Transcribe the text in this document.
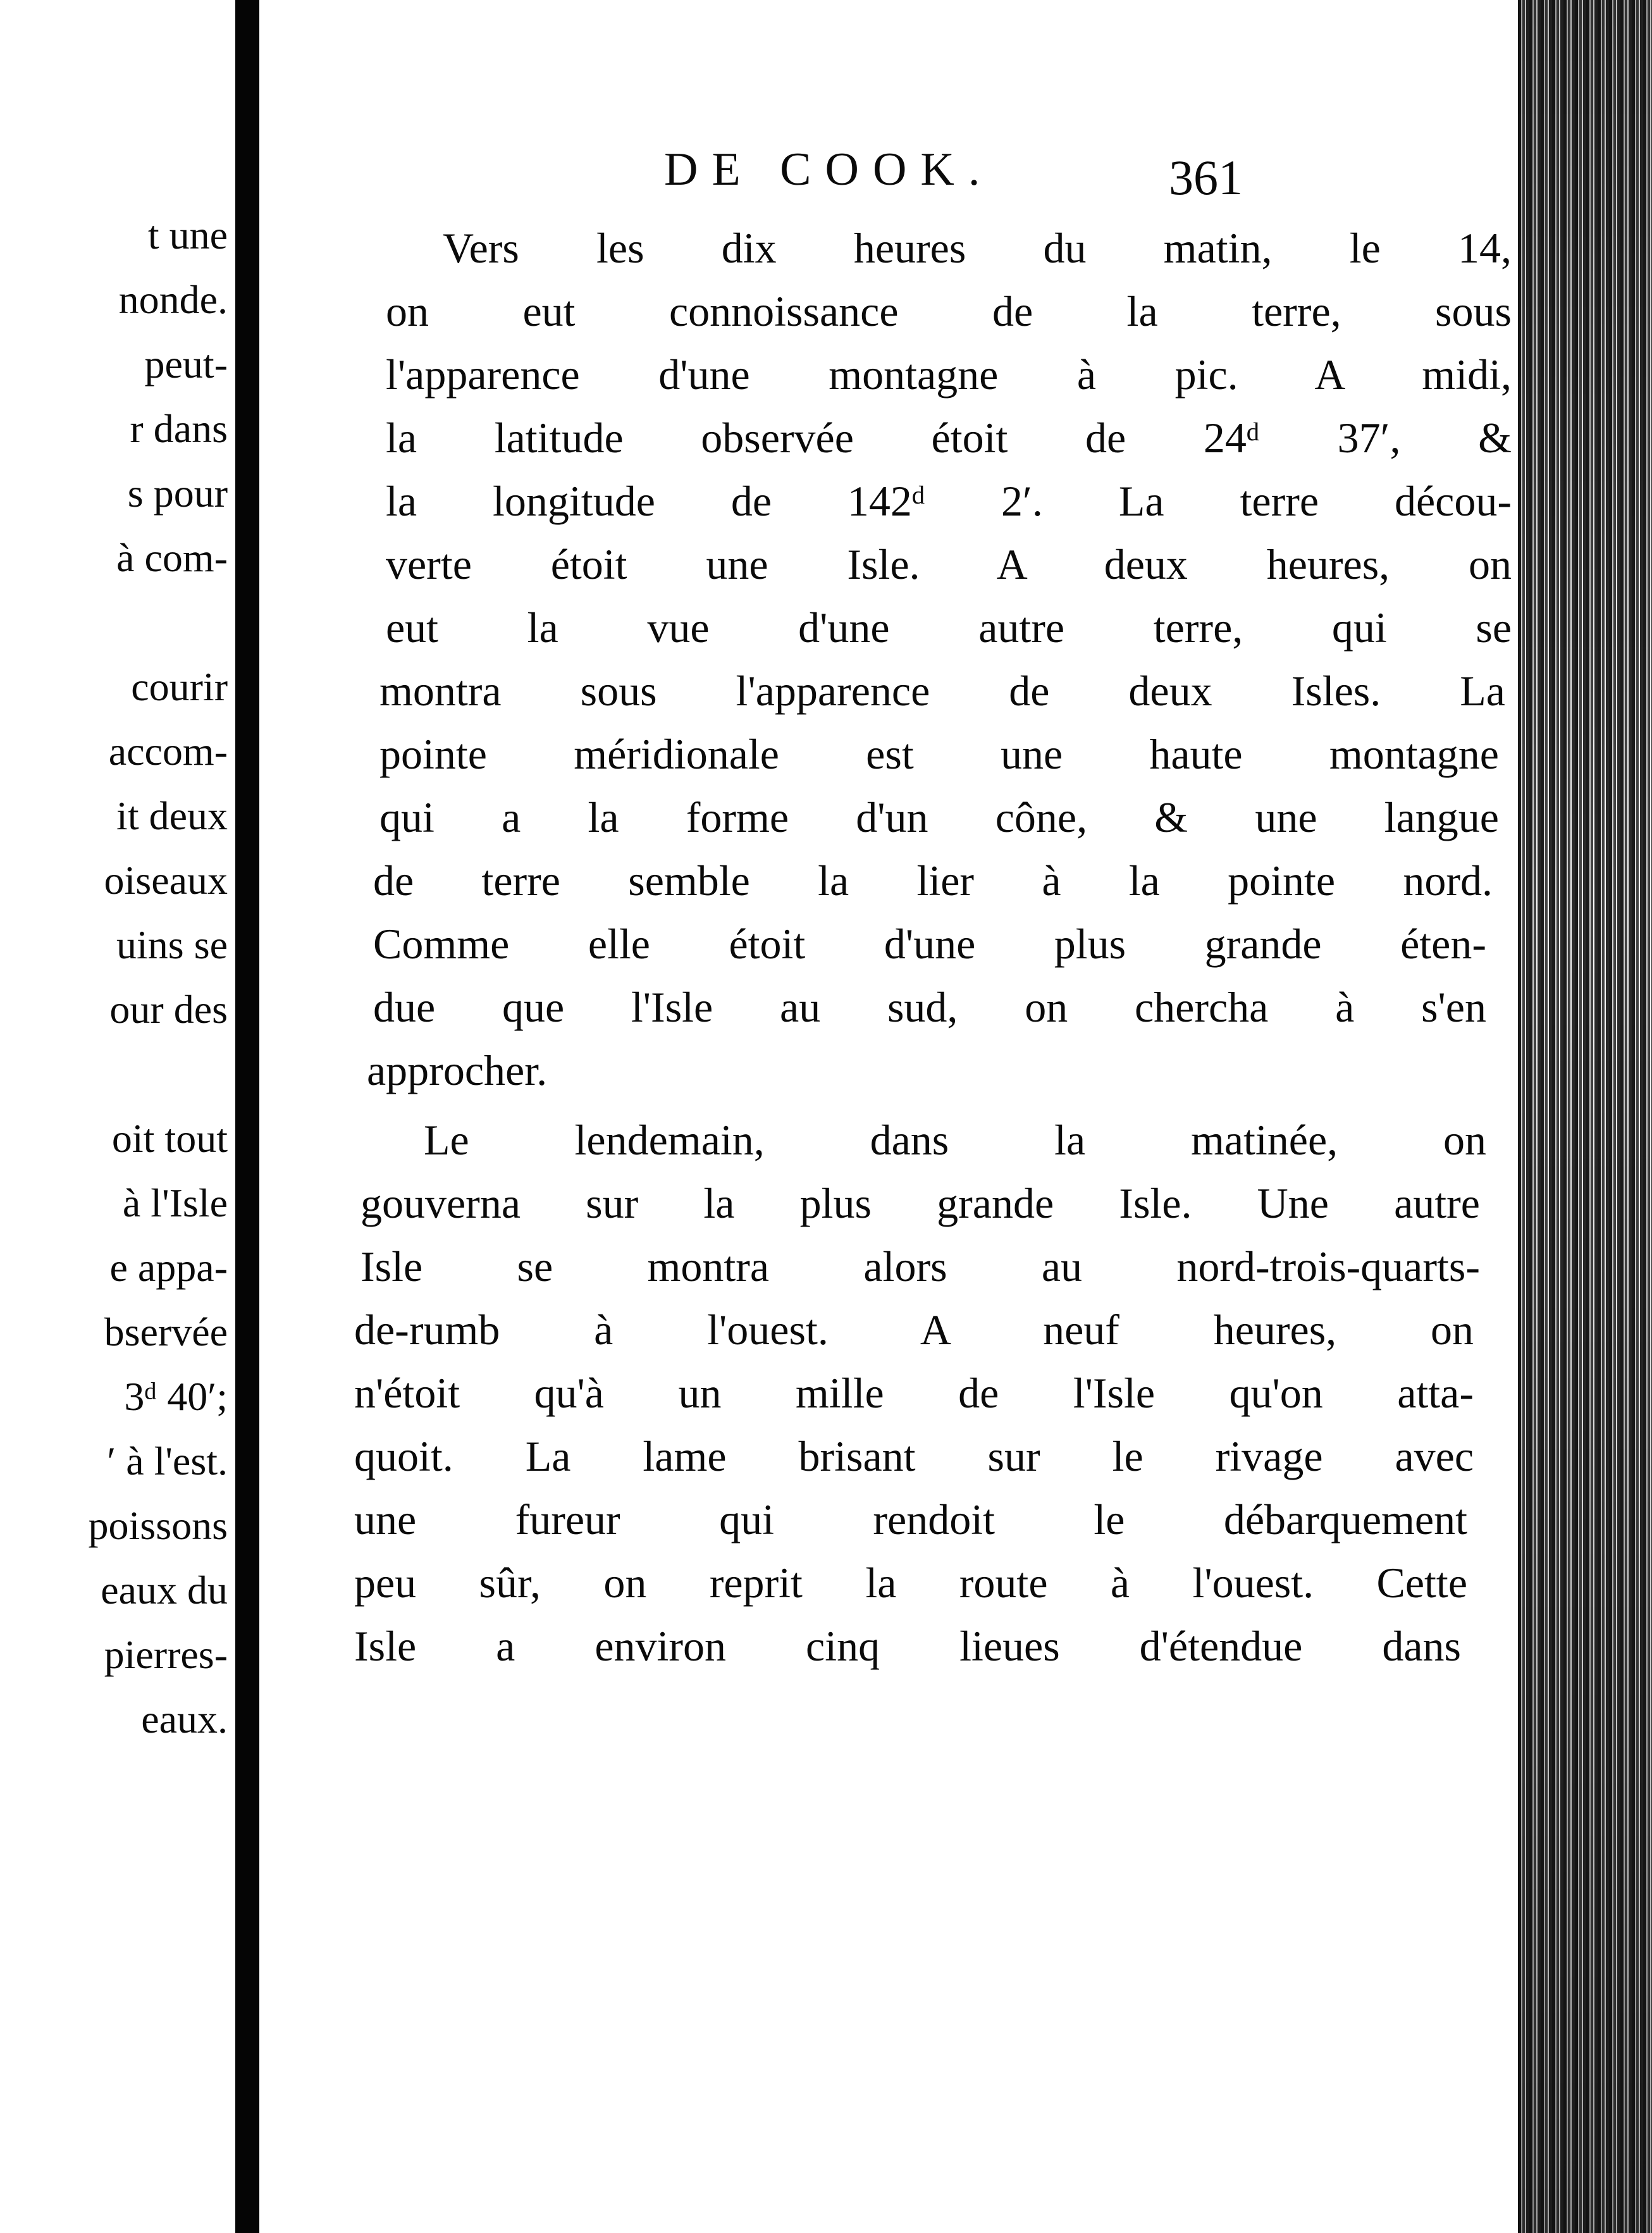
t une
nonde.
peut-
r dans
s pour
à com-
courir
accom-
it deux
oiseaux
uins se
our des
oit tout
à l'Isle
e appa-
bservée
3ᵈ 40′;
′ à l'est.
poissons
eaux du
pierres-
eaux.
DE COOK.	361
Vers les dix heures du matin, le 14,
on eut connoissance de la terre, sous
l'apparence d'une montagne à pic. A midi,
la latitude observée étoit de 24ᵈ 37′, &
la longitude de 142ᵈ 2′. La terre décou-
verte étoit une Isle. A deux heures, on
eut la vue d'une autre terre, qui se
montra sous l'apparence de deux Isles. La
pointe méridionale est une haute montagne
qui a la forme d'un cône, & une langue
de terre semble la lier à la pointe nord.
Comme elle étoit d'une plus grande éten-
due que l'Isle au sud, on chercha à s'en
approcher.
Le lendemain, dans la matinée, on
gouverna sur la plus grande Isle. Une autre
Isle se montra alors au nord-trois-quarts-
de-rumb à l'ouest. A neuf heures, on
n'étoit qu'à un mille de l'Isle qu'on atta-
quoit. La lame brisant sur le rivage avec
une fureur qui rendoit le débarquement
peu sûr, on reprit la route à l'ouest. Cette
Isle a environ cinq lieues d'étendue dans
